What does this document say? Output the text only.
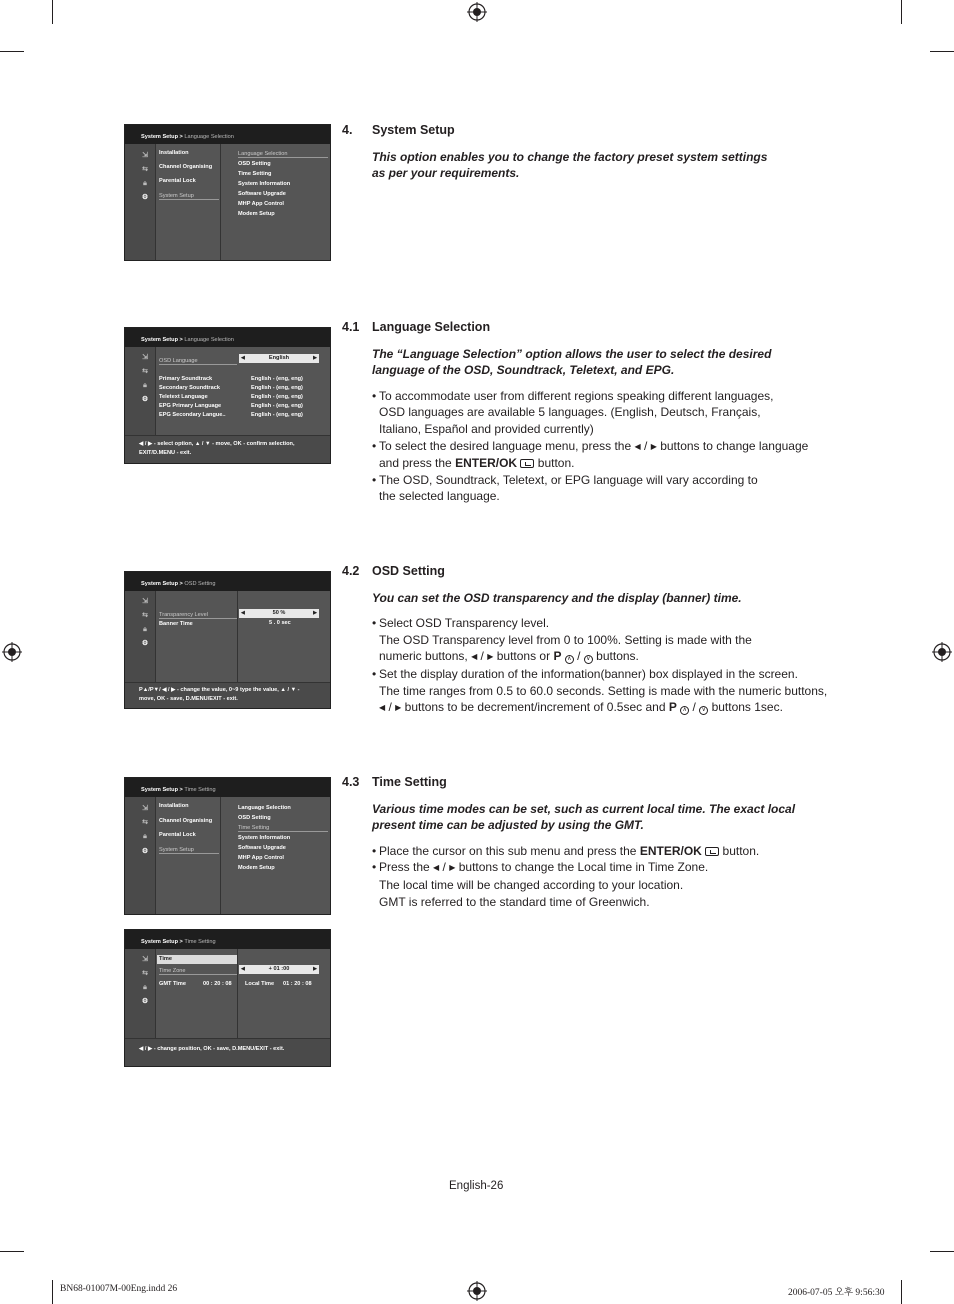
System Setup > Language Selection
⇲
⇆
🔒︎
⚙
Installation
Channel Organising
Parental Lock
System Setup
Language Selection
OSD Setting
Time Setting
System Information
Software Upgrade
MHP App Control
Modem Setup
4. System Setup
This option enables you to change the factory preset system settings
as per your requirements.
System Setup > Language Selection
⇲
⇆
🔒︎
⚙
OSD Language	◀ English ▶
Primary Soundtrack	English - (eng, eng)
Secondary Soundtrack	English - (eng, eng)
Teletext Language	English - (eng, eng)
EPG Primary Language	English - (eng, eng)
EPG Secondary Langue..	English - (eng, eng)
◀ / ▶ - select option, ▲ / ▼ - move, OK - confirm selection,
EXIT/D.MENU - exit.
4.1 Language Selection
The “Language Selection” option allows the user to select the desired
language of the OSD, Soundtrack, Teletext, and EPG.
• To accommodate user from different regions speaking different languages,
OSD languages are available 5 languages. (English, Deutsch, Français,
Italiano, Español and provided currently)
• To select the desired language menu, press the ◀ / ▶ buttons to change language
and press the ENTER/OK button.
• The OSD, Soundtrack, Teletext, or EPG language will vary according to
the selected language.
System Setup > OSD Setting
⇲
⇆
🔒︎
⚙
Transparency Level	◀ 50 % ▶
Banner Time	5 . 0 sec
P▲/P▼/ ◀ / ▶ - change the value, 0~9 type the value, ▲ / ▼ -
move, OK - save, D.MENU/EXIT - exit.
4.2 OSD Setting
You can set the OSD transparency and the display (banner) time.
• Select OSD Transparency level.
The OSD Transparency level from 0 to 100%. Setting is made with the
numeric buttons, ◀ / ▶ buttons or P ∧ / ∨ buttons.
• Set the display duration of the information(banner) box displayed in the screen.
The time ranges from 0.5 to 60.0 seconds. Setting is made with the numeric buttons,
◀ / ▶ buttons to be decrement/increment of 0.5sec and P ∧ / ∨ buttons 1sec.
System Setup > Time Setting
⇲
⇆
🔒︎
⚙
Installation
Channel Organising
Parental Lock
System Setup
Language Selection
OSD Setting
Time Setting
System Information
Software Upgrade
MHP App Control
Modem Setup
System Setup > Time Setting
⇲
⇆
🔒︎
⚙
Time
Time Zone	◀ + 01 :00 ▶
GMT Time	00 : 20 : 08 Local Time 01 : 20 : 08
◀ / ▶ - change position, OK - save, D.MENU/EXIT - exit.
4.3 Time Setting
Various time modes can be set, such as current local time. The exact local
present time can be adjusted by using the GMT.
• Place the cursor on this sub menu and press the ENTER/OK button.
• Press the ◀ / ▶ buttons to change the Local time in Time Zone.
The local time will be changed according to your location.
GMT is referred to the standard time of Greenwich.
English-26
BN68-01007M-00Eng.indd 26	2006-07-05 오후 9:56:30
